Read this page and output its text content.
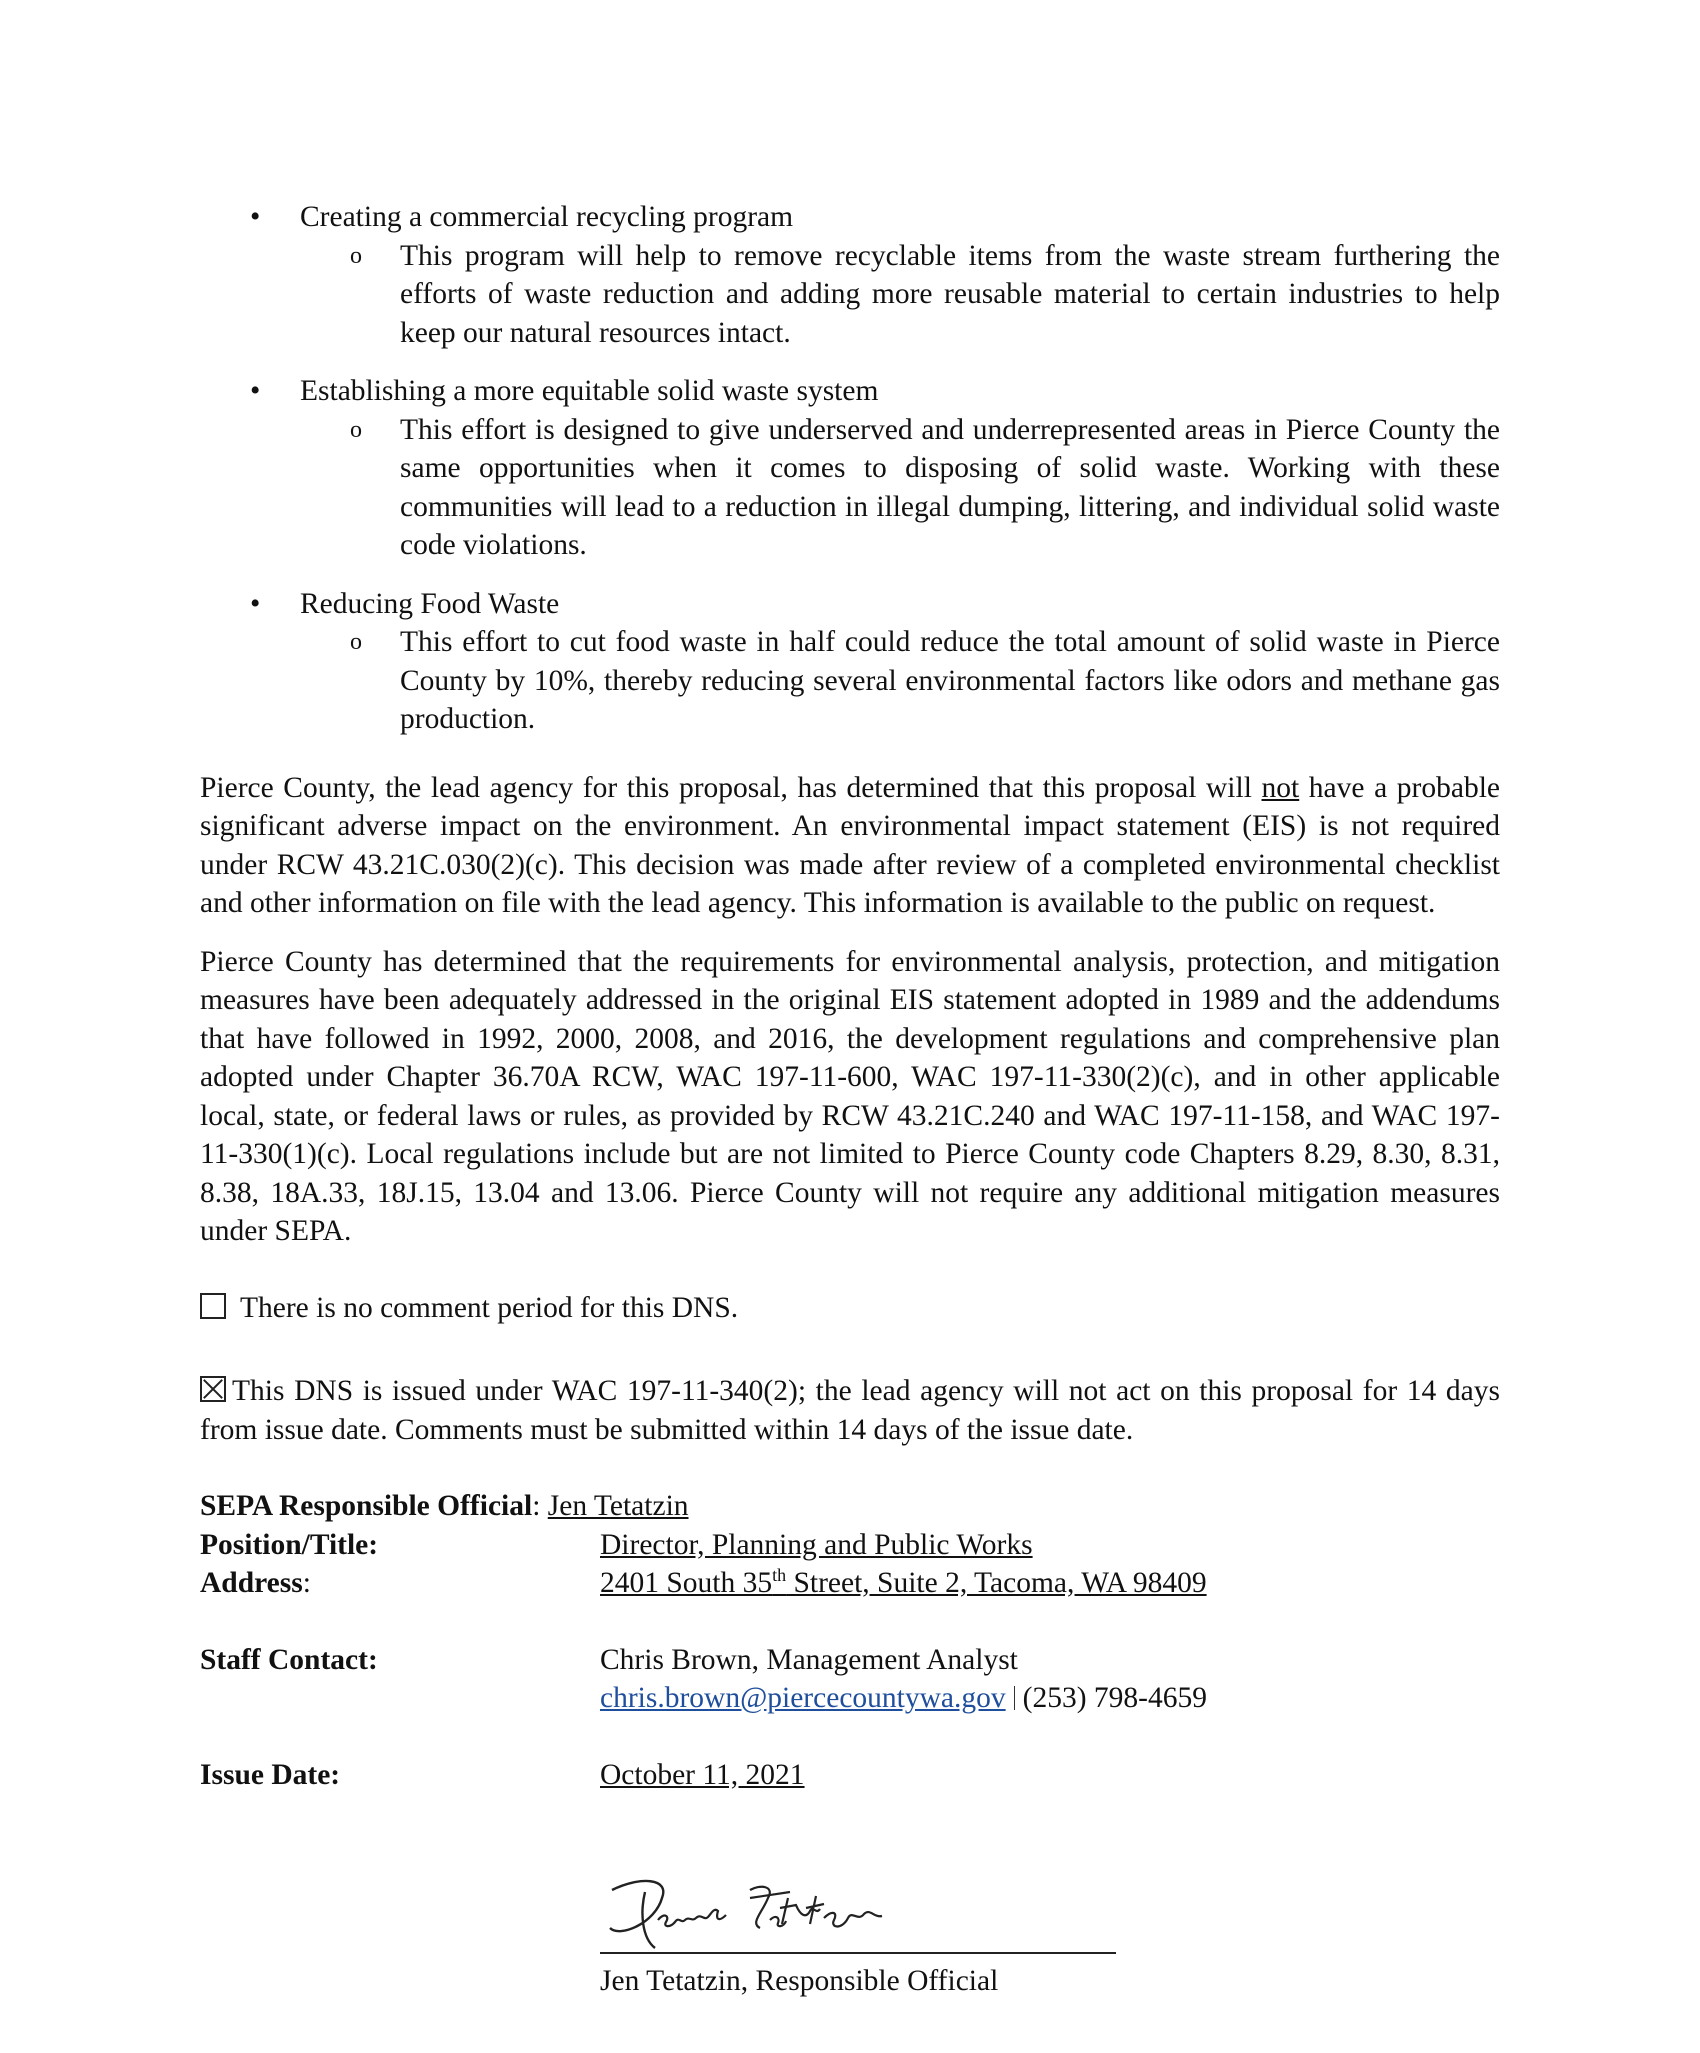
• Creating a commercial recycling program
o This program will help to remove recyclable items from the waste stream furthering the efforts of waste reduction and adding more reusable material to certain industries to help keep our natural resources intact.
• Establishing a more equitable solid waste system
o This effort is designed to give underserved and underrepresented areas in Pierce County the same opportunities when it comes to disposing of solid waste. Working with these communities will lead to a reduction in illegal dumping, littering, and individual solid waste code violations.
• Reducing Food Waste
o This effort to cut food waste in half could reduce the total amount of solid waste in Pierce County by 10%, thereby reducing several environmental factors like odors and methane gas production.

Pierce County, the lead agency for this proposal, has determined that this proposal will not have a probable significant adverse impact on the environment. An environmental impact statement (EIS) is not required under RCW 43.21C.030(2)(c). This decision was made after review of a completed environmental checklist and other information on file with the lead agency. This information is available to the public on request.

Pierce County has determined that the requirements for environmental analysis, protection, and mitigation measures have been adequately addressed in the original EIS statement adopted in 1989 and the addendums that have followed in 1992, 2000, 2008, and 2016, the development regulations and comprehensive plan adopted under Chapter 36.70A RCW, WAC 197-11-600, WAC 197-11-330(2)(c), and in other applicable local, state, or federal laws or rules, as provided by RCW 43.21C.240 and WAC 197-11-158, and WAC 197-11-330(1)(c). Local regulations include but are not limited to Pierce County code Chapters 8.29, 8.30, 8.31, 8.38, 18A.33, 18J.15, 13.04 and 13.06. Pierce County will not require any additional mitigation measures under SEPA.

There is no comment period for this DNS.

This DNS is issued under WAC 197-11-340(2); the lead agency will not act on this proposal for 14 days from issue date. Comments must be submitted within 14 days of the issue date.

SEPA Responsible Official: Jen Tetatzin
Position/Title:	Director, Planning and Public Works
Address:	2401 South 35th Street, Suite 2, Tacoma, WA 98409
Staff Contact:	Chris Brown, Management Analyst
chris.brown@piercecountywa.gov (253) 798-4659
Issue Date:	October 11, 2021
Jen Tetatzin, Responsible Official
